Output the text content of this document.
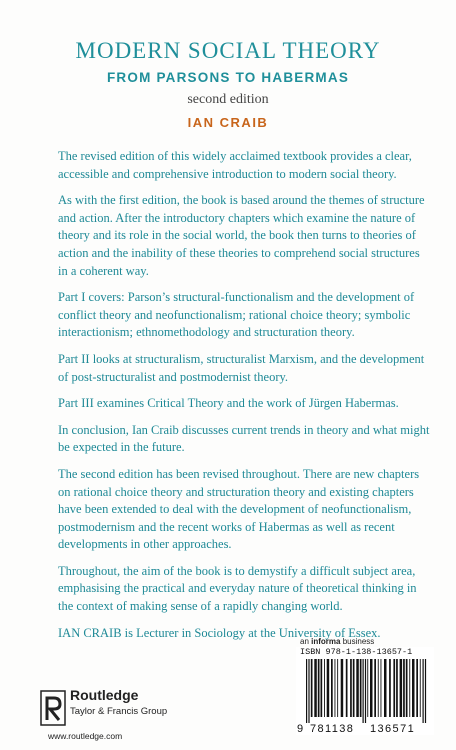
MODERN SOCIAL THEORY
FROM PARSONS TO HABERMAS
second edition
IAN CRAIB

The revised edition of this widely acclaimed textbook provides a clear, accessible and comprehensive introduction to modern social theory.

As with the first edition, the book is based around the themes of structure and action. After the introductory chapters which examine the nature of theory and its role in the social world, the book then turns to theories of action and the inability of these theories to comprehend social structures in a coherent way.

Part I covers: Parson’s structural-functionalism and the development of conflict theory and neofunctionalism; rational choice theory; symbolic interactionism; ethnomethodology and structuration theory.

Part II looks at structuralism, structuralist Marxism, and the development of post-structuralist and postmodernist theory.

Part III examines Critical Theory and the work of Jürgen Habermas.

In conclusion, Ian Craib discusses current trends in theory and what might be expected in the future.

The second edition has been revised throughout. There are new chapters on rational choice theory and structuration theory and existing chapters have been extended to deal with the development of neofunctionalism, postmodernism and the recent works of Habermas as well as recent developments in other approaches.

Throughout, the aim of the book is to demystify a difficult subject area, emphasising the practical and everyday nature of theoretical thinking in the context of making sense of a rapidly changing world.

IAN CRAIB is Lecturer in Sociology at the University of Essex.

an informa business
ISBN 978-1-138-13657-1
9 781138 136571
Routledge
Taylor & Francis Group
www.routledge.com
